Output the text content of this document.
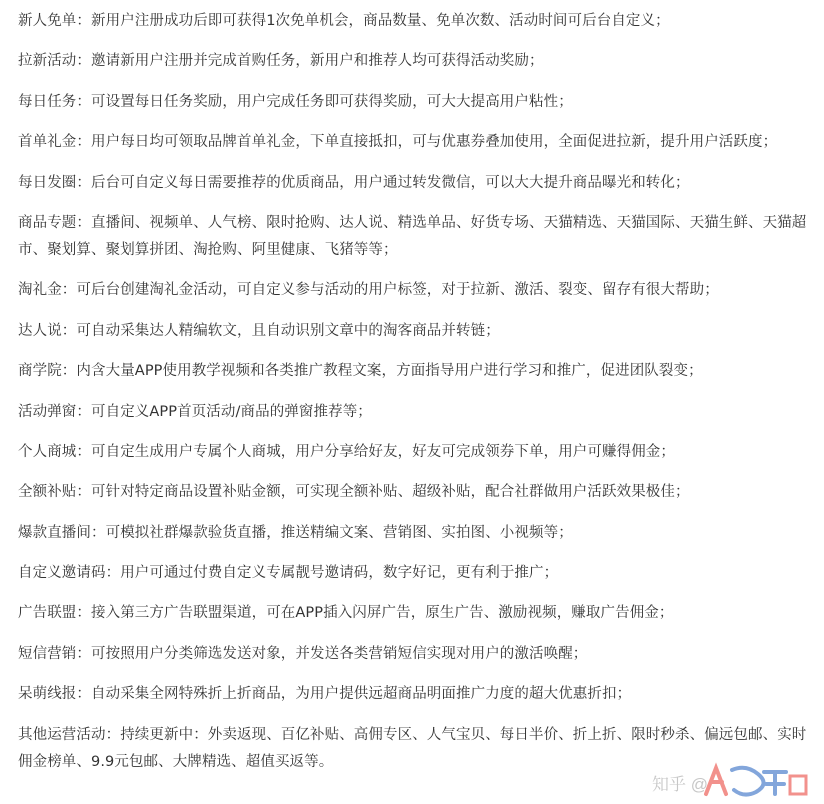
新人免单：新用户注册成功后即可获得1次免单机会，商品数量、免单次数、活动时间可后台自定义；

拉新活动：邀请新用户注册并完成首购任务，新用户和推荐人均可获得活动奖励；

每日任务：可设置每日任务奖励，用户完成任务即可获得奖励，可大大提高用户粘性；

首单礼金：用户每日均可领取品牌首单礼金，下单直接抵扣，可与优惠券叠加使用，全面促进拉新，提升用户活跃度；

每日发圈：后台可自定义每日需要推荐的优质商品，用户通过转发微信，可以大大提升商品曝光和转化；

商品专题：直播间、视频单、人气榜、限时抢购、达人说、精选单品、好货专场、天猫精选、天猫国际、天猫生鲜、天猫超市、聚划算、聚划算拼团、淘抢购、阿里健康、飞猪等等；

淘礼金：可后台创建淘礼金活动，可自定义参与活动的用户标签，对于拉新、激活、裂变、留存有很大帮助；

达人说：可自动采集达人精编软文，且自动识别文章中的淘客商品并转链；

商学院：内含大量APP使用教学视频和各类推广教程文案，方面指导用户进行学习和推广，促进团队裂变；

活动弹窗：可自定义APP首页活动/商品的弹窗推荐等；

个人商城：可自定生成用户专属个人商城，用户分享给好友，好友可完成领券下单，用户可赚得佣金；

全额补贴：可针对特定商品设置补贴金额，可实现全额补贴、超级补贴，配合社群做用户活跃效果极佳；

爆款直播间：可模拟社群爆款验货直播，推送精编文案、营销图、实拍图、小视频等；

自定义邀请码：用户可通过付费自定义专属靓号邀请码，数字好记，更有利于推广；

广告联盟：接入第三方广告联盟渠道，可在APP插入闪屏广告，原生广告、激励视频，赚取广告佣金；

短信营销：可按照用户分类筛选发送对象，并发送各类营销短信实现对用户的激活唤醒；

呆萌线报：自动采集全网特殊折上折商品，为用户提供远超商品明面推广力度的超大优惠折扣；

其他运营活动：持续更新中：外卖返现、百亿补贴、高佣专区、人气宝贝、每日半价、折上折、限时秒杀、偏远包邮、实时佣金榜单、9.9元包邮、大牌精选、超值买返等。

知乎 @
